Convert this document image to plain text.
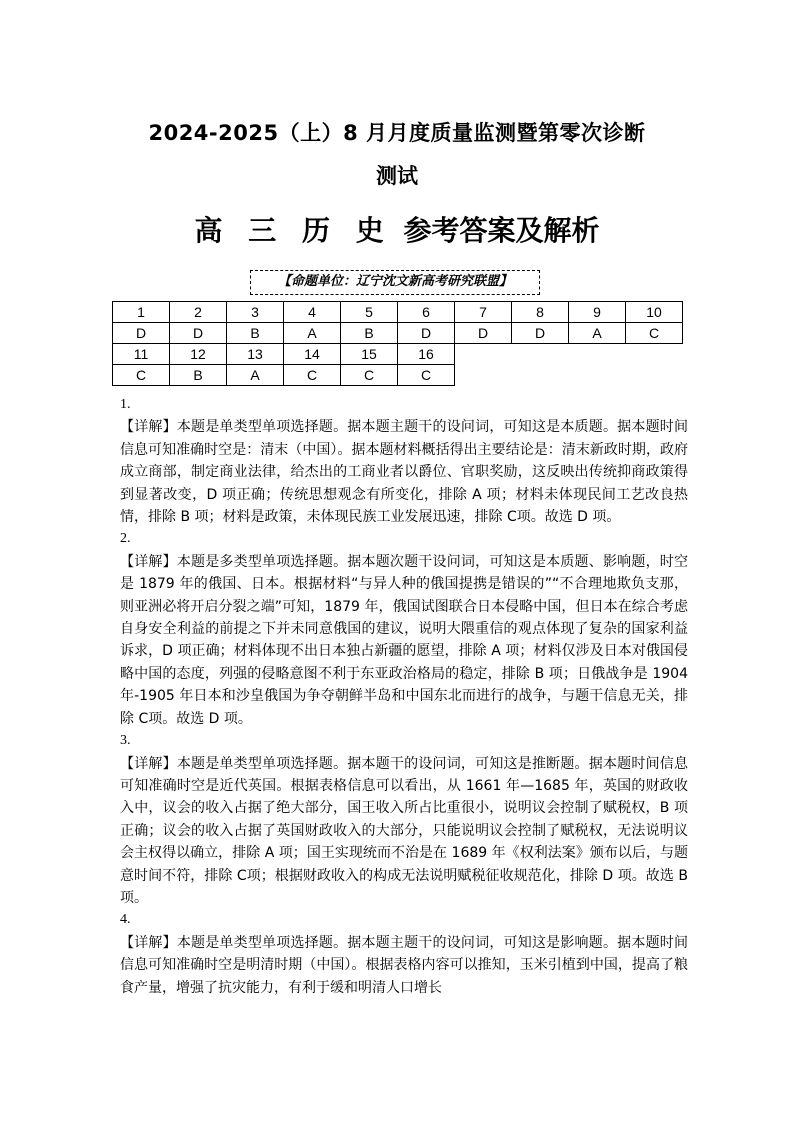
2024-2025（上）8 月月度质量监测暨第零次诊断
测试
高 三 历 史 参考答案及解析
【命题单位：辽宁沈文新高考研究联盟】
1	2	3	4	5	6	7	8	9	10
D	D	B	A	B	D	D	D	A	C
11	12	13	14	15	16				
C	B	A	C	C	C				

1.

【详解】本题是单类型单项选择题。据本题主题干的设问词，可知这是本质题。据本题时间信息可知准确时空是：清末（中国）。据本题材料概括得出主要结论是：清末新政时期，政府成立商部，制定商业法律，给杰出的工商业者以爵位、官职奖励，这反映出传统抑商政策得到显著改变，D 项正确；传统思想观念有所变化，排除 A 项；材料未体现民间工艺改良热情，排除 B 项；材料是政策，未体现民族工业发展迅速，排除 C项。故选 D 项。

2.

【详解】本题是多类型单项选择题。据本题次题干设问词，可知这是本质题、影响题，时空是 1879 年的俄国、日本。根据材料“与异人种的俄国提携是错误的”“不合理地欺负支那，则亚洲必将开启分裂之端”可知，1879 年，俄国试图联合日本侵略中国，但日本在综合考虑自身安全利益的前提之下并未同意俄国的建议，说明大隈重信的观点体现了复杂的国家利益诉求，D 项正确；材料体现不出日本独占新疆的愿望，排除 A 项；材料仅涉及日本对俄国侵略中国的态度，列强的侵略意图不利于东亚政治格局的稳定，排除 B 项；日俄战争是 1904 年-1905 年日本和沙皇俄国为争夺朝鲜半岛和中国东北而进行的战争，与题干信息无关，排除 C项。故选 D 项。

3.

【详解】本题是单类型单项选择题。据本题干的设问词，可知这是推断题。据本题时间信息可知准确时空是近代英国。根据表格信息可以看出，从 1661 年—1685 年，英国的财政收入中，议会的收入占据了绝大部分，国王收入所占比重很小，说明议会控制了赋税权，B 项正确；议会的收入占据了英国财政收入的大部分，只能说明议会控制了赋税权，无法说明议会主权得以确立，排除 A 项；国王实现统而不治是在 1689 年《权利法案》颁布以后，与题意时间不符，排除 C项；根据财政收入的构成无法说明赋税征收规范化，排除 D 项。故选 B 项。

4.

【详解】本题是单类型单项选择题。据本题主题干的设问词，可知这是影响题。据本题时间信息可知准确时空是明清时期（中国）。根据表格内容可以推知，玉米引植到中国，提高了粮食产量，增强了抗灾能力，有利于缓和明清人口增长
